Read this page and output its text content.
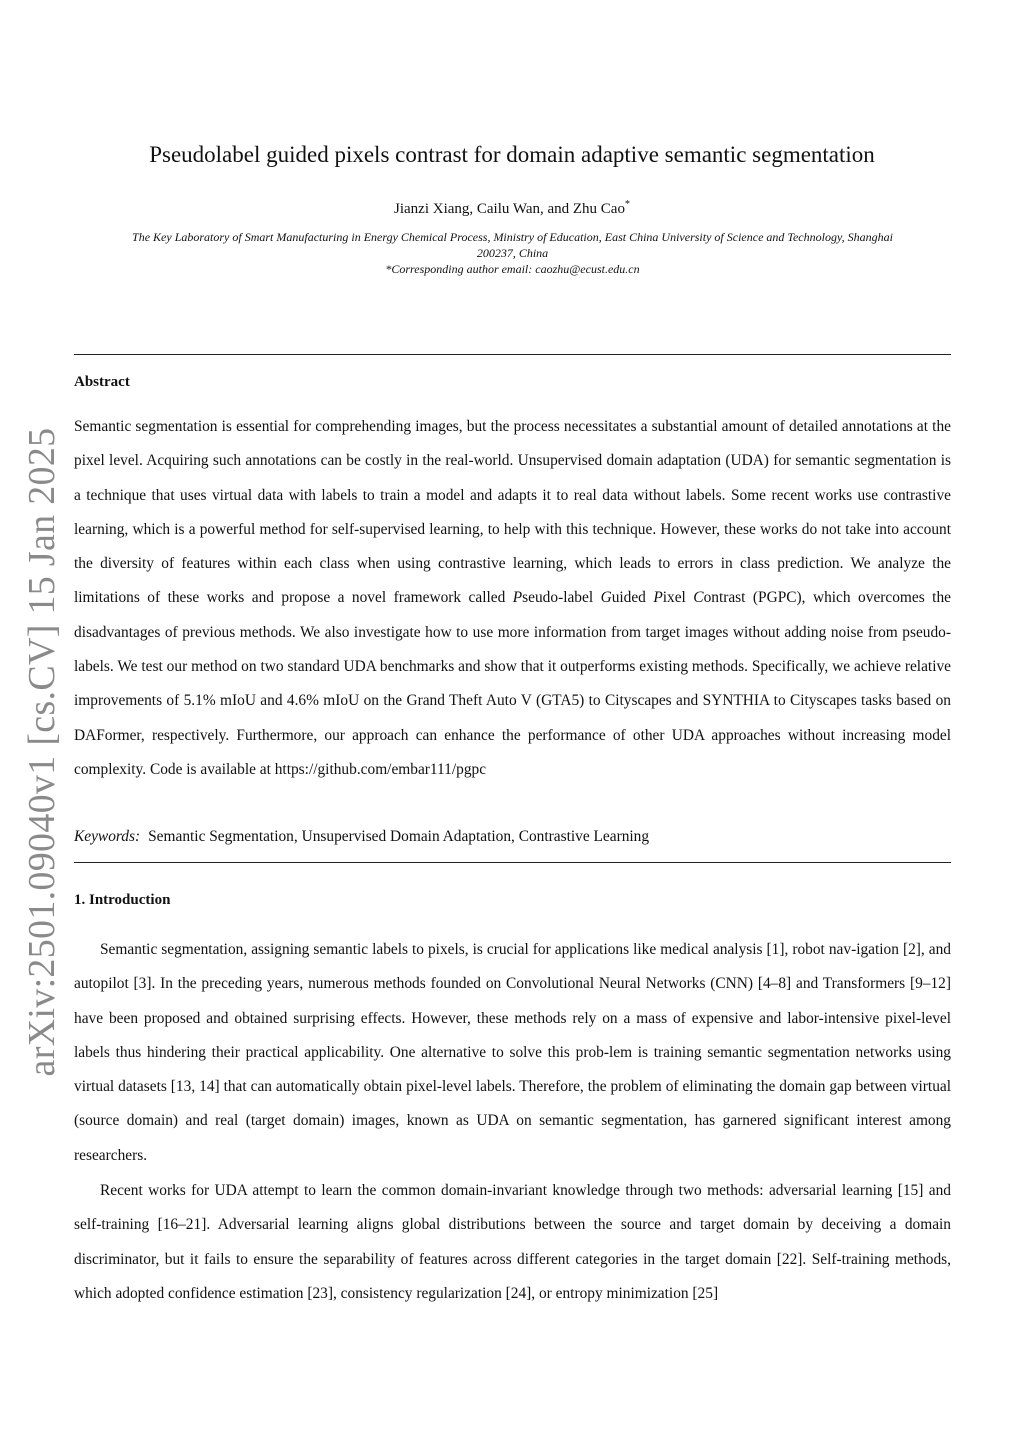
arXiv:2501.09040v1 [cs.CV] 15 Jan 2025
Pseudolabel guided pixels contrast for domain adaptive semantic segmentation
Jianzi Xiang, Cailu Wan, and Zhu Cao*

The Key Laboratory of Smart Manufacturing in Energy Chemical Process, Ministry of Education, East China University of Science and Technology, Shanghai

200237, China

*Corresponding author email: caozhu@ecust.edu.cn

Abstract

Semantic segmentation is essential for comprehending images, but the process necessitates a substantial amount of detailed annotations at the pixel level. Acquiring such annotations can be costly in the real-world. Unsupervised domain adaptation (UDA) for semantic segmentation is a technique that uses virtual data with labels to train a model and adapts it to real data without labels. Some recent works use contrastive learning, which is a powerful method for self-supervised learning, to help with this technique. However, these works do not take into account the diversity of features within each class when using contrastive learning, which leads to errors in class prediction. We analyze the limitations of these works and propose a novel framework called Pseudo-label Guided Pixel Contrast (PGPC), which overcomes the disadvantages of previous methods. We also investigate how to use more information from target images without adding noise from pseudo-labels. We test our method on two standard UDA benchmarks and show that it outperforms existing methods. Specifically, we achieve relative improvements of 5.1% mIoU and 4.6% mIoU on the Grand Theft Auto V (GTA5) to Cityscapes and SYNTHIA to Cityscapes tasks based on DAFormer, respectively. Furthermore, our approach can enhance the performance of other UDA approaches without increasing model complexity. Code is available at https://github.com/embar111/pgpc

Keywords: Semantic Segmentation, Unsupervised Domain Adaptation, Contrastive Learning
1. Introduction

Semantic segmentation, assigning semantic labels to pixels, is crucial for applications like medical analysis [1], robot nav-igation [2], and autopilot [3]. In the preceding years, numerous methods founded on Convolutional Neural Networks (CNN) [4–8] and Transformers [9–12] have been proposed and obtained surprising effects. However, these methods rely on a mass of expensive and labor-intensive pixel-level labels thus hindering their practical applicability. One alternative to solve this prob-lem is training semantic segmentation networks using virtual datasets [13, 14] that can automatically obtain pixel-level labels. Therefore, the problem of eliminating the domain gap between virtual (source domain) and real (target domain) images, known as UDA on semantic segmentation, has garnered significant interest among researchers.

Recent works for UDA attempt to learn the common domain-invariant knowledge through two methods: adversarial learning [15] and self-training [16–21]. Adversarial learning aligns global distributions between the source and target domain by deceiving a domain discriminator, but it fails to ensure the separability of features across different categories in the target domain [22]. Self-training methods, which adopted confidence estimation [23], consistency regularization [24], or entropy minimization [25]
